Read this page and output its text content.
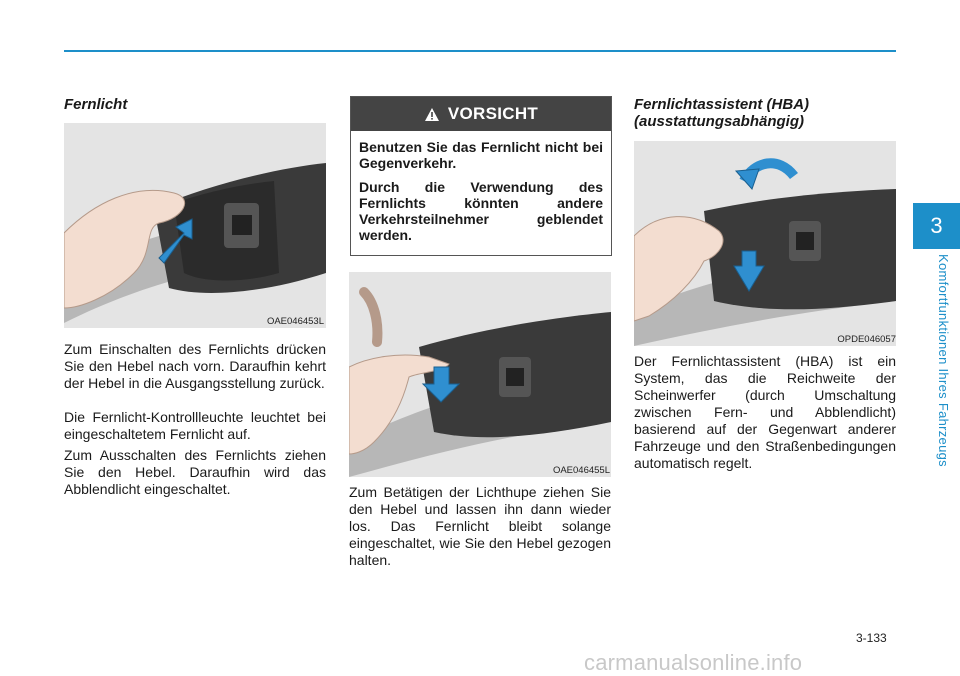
3
Komfortfunktionen Ihres Fahrzeugs
Fernlicht
OAE046453L

Zum Einschalten des Fernlichts drücken Sie den Hebel nach vorn. Daraufhin kehrt der Hebel in die Ausgangsstellung zurück.

Die Fernlicht-Kontrollleuchte leuchtet bei eingeschaltetem Fernlicht auf.

Zum Ausschalten des Fernlichts ziehen Sie den Hebel. Daraufhin wird das Abblendlicht eingeschaltet.

VORSICHT

Benutzen Sie das Fernlicht nicht bei Gegenverkehr.

Durch die Verwendung des Fernlichts könnten andere Verkehrsteilnehmer geblendet werden.

OAE046455L

Zum Betätigen der Lichthupe ziehen Sie den Hebel und lassen ihn dann wieder los. Das Fernlicht bleibt solange eingeschaltet, wie Sie den Hebel gezogen halten.

Fernlichtassistent (HBA)
(ausstattungsabhängig)
OPDE046057

Der Fernlichtassistent (HBA) ist ein System, das die Reichweite der Scheinwerfer (durch Umschaltung zwischen Fern- und Abblendlicht) basierend auf der Gegenwart anderer Fahrzeuge und den Straßenbedingungen automatisch regelt.

3-133
carmanualsonline.info
